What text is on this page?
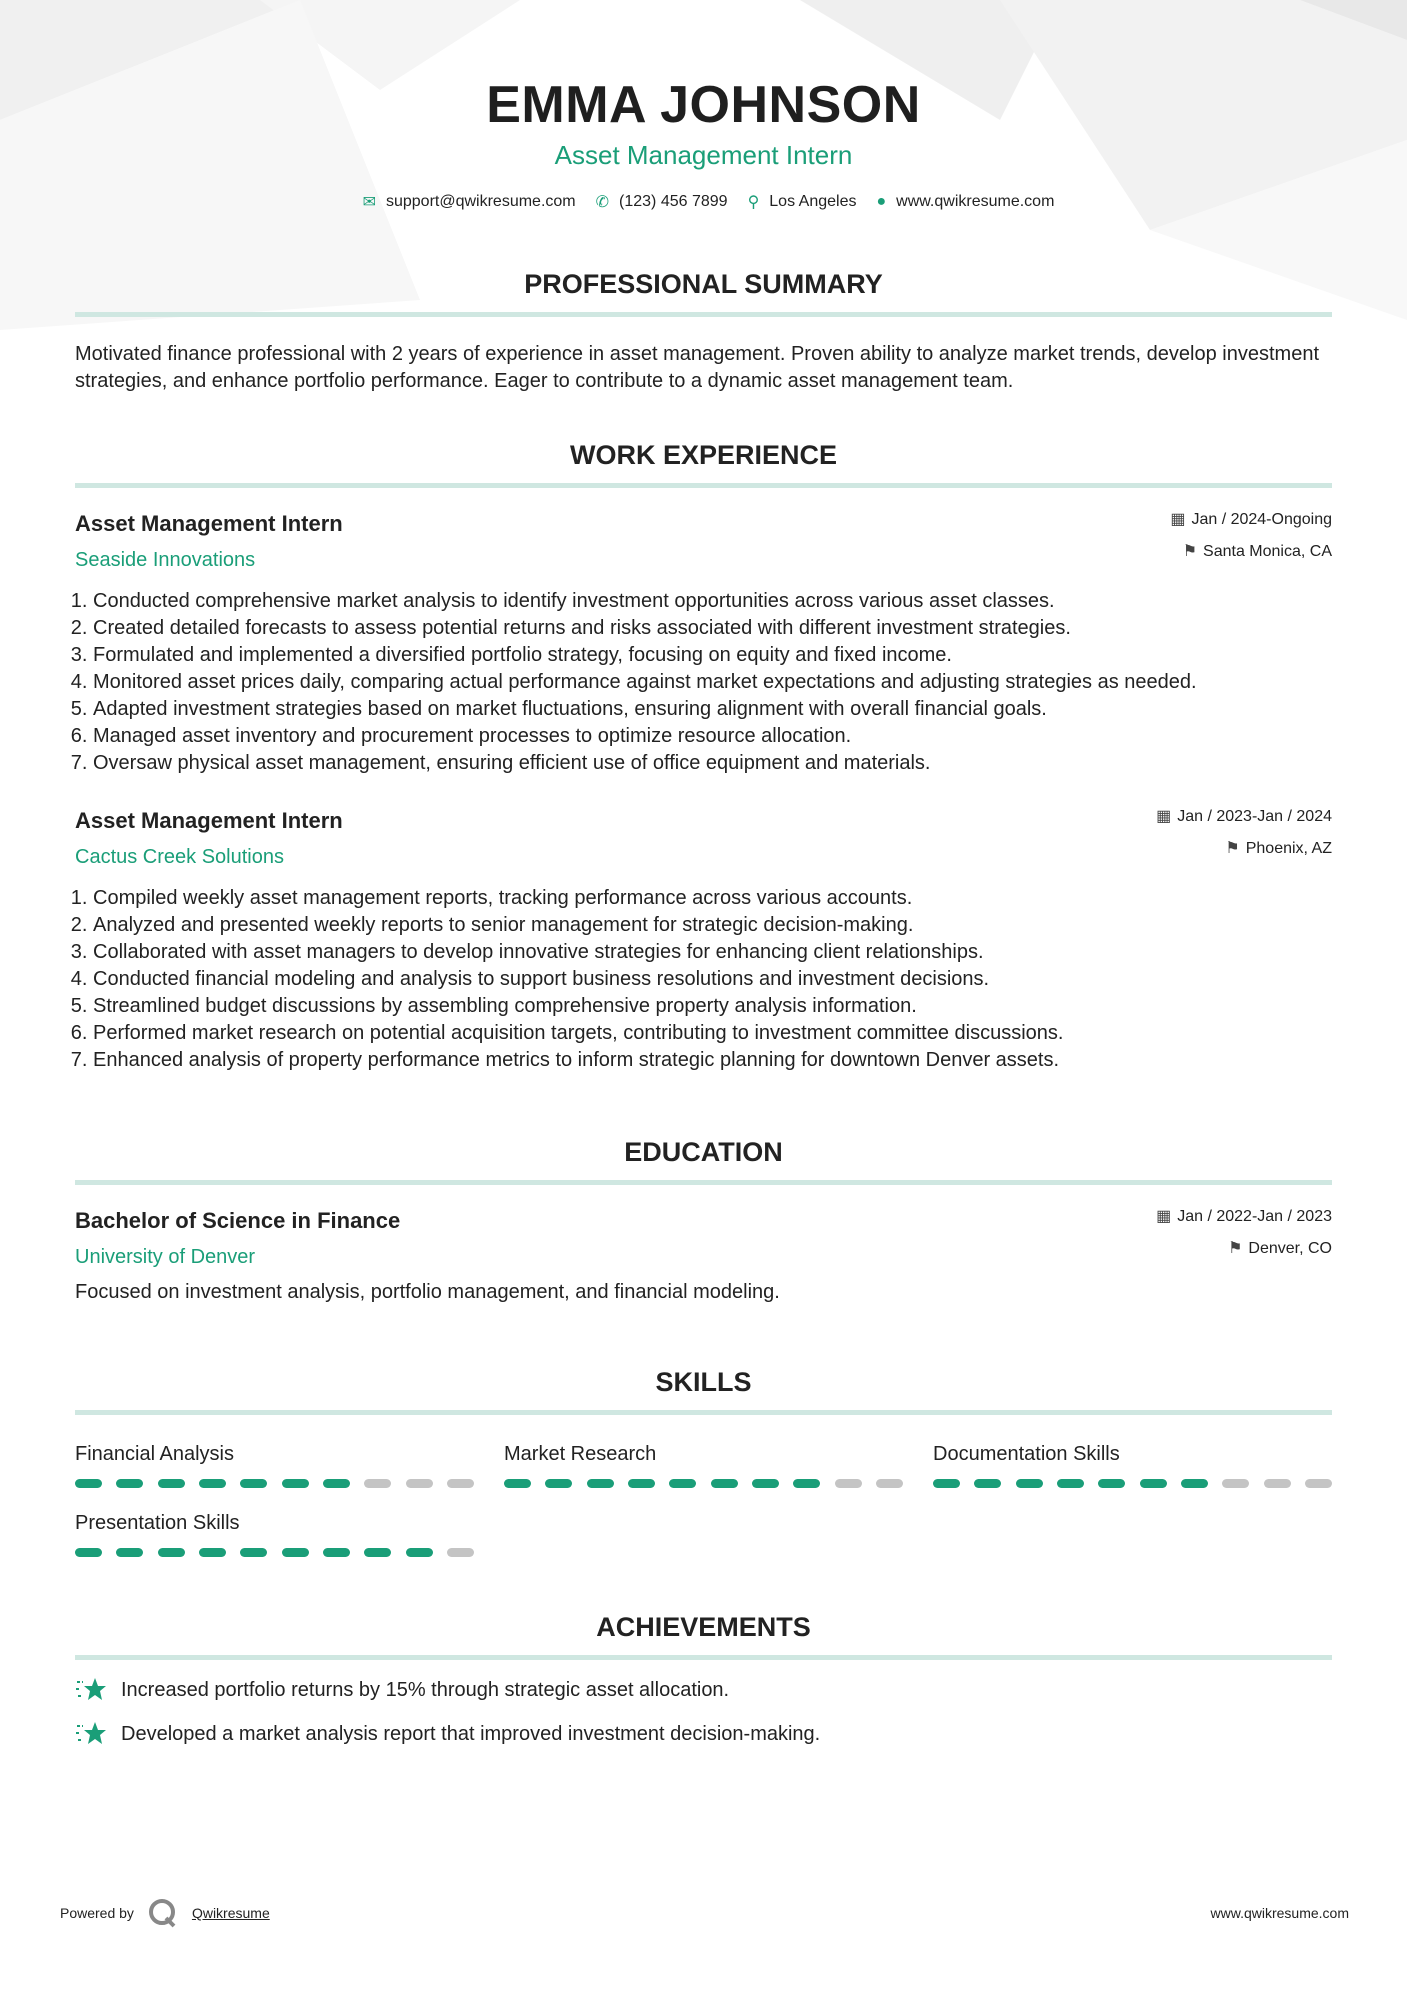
EMMA JOHNSON
Asset Management Intern
✉ support@qwikresume.com ✆ (123) 456 7899 ⚲ Los Angeles ● www.qwikresume.com
PROFESSIONAL SUMMARY

Motivated finance professional with 2 years of experience in asset management. Proven ability to analyze market trends, develop investment strategies, and enhance portfolio performance. Eager to contribute to a dynamic asset management team.

WORK EXPERIENCE
Asset Management Intern
Seaside Innovations
▦ Jan / 2024-Ongoing
⚑ Santa Monica, CA
1. Conducted comprehensive market analysis to identify investment opportunities across various asset classes.
2. Created detailed forecasts to assess potential returns and risks associated with different investment strategies.
3. Formulated and implemented a diversified portfolio strategy, focusing on equity and fixed income.
4. Monitored asset prices daily, comparing actual performance against market expectations and adjusting strategies as needed.
5. Adapted investment strategies based on market fluctuations, ensuring alignment with overall financial goals.
6. Managed asset inventory and procurement processes to optimize resource allocation.
7. Oversaw physical asset management, ensuring efficient use of office equipment and materials.
Asset Management Intern
Cactus Creek Solutions
▦ Jan / 2023-Jan / 2024
⚑ Phoenix, AZ
1. Compiled weekly asset management reports, tracking performance across various accounts.
2. Analyzed and presented weekly reports to senior management for strategic decision-making.
3. Collaborated with asset managers to develop innovative strategies for enhancing client relationships.
4. Conducted financial modeling and analysis to support business resolutions and investment decisions.
5. Streamlined budget discussions by assembling comprehensive property analysis information.
6. Performed market research on potential acquisition targets, contributing to investment committee discussions.
7. Enhanced analysis of property performance metrics to inform strategic planning for downtown Denver assets.
EDUCATION
Bachelor of Science in Finance
University of Denver
▦ Jan / 2022-Jan / 2023
⚑ Denver, CO

Focused on investment analysis, portfolio management, and financial modeling.

SKILLS
Financial Analysis	Market Research	Documentation Skills
Presentation Skills
ACHIEVEMENTS
Increased portfolio returns by 15% through strategic asset allocation.
Developed a market analysis report that improved investment decision-making.
Powered by	Qwikresume	www.qwikresume.com
